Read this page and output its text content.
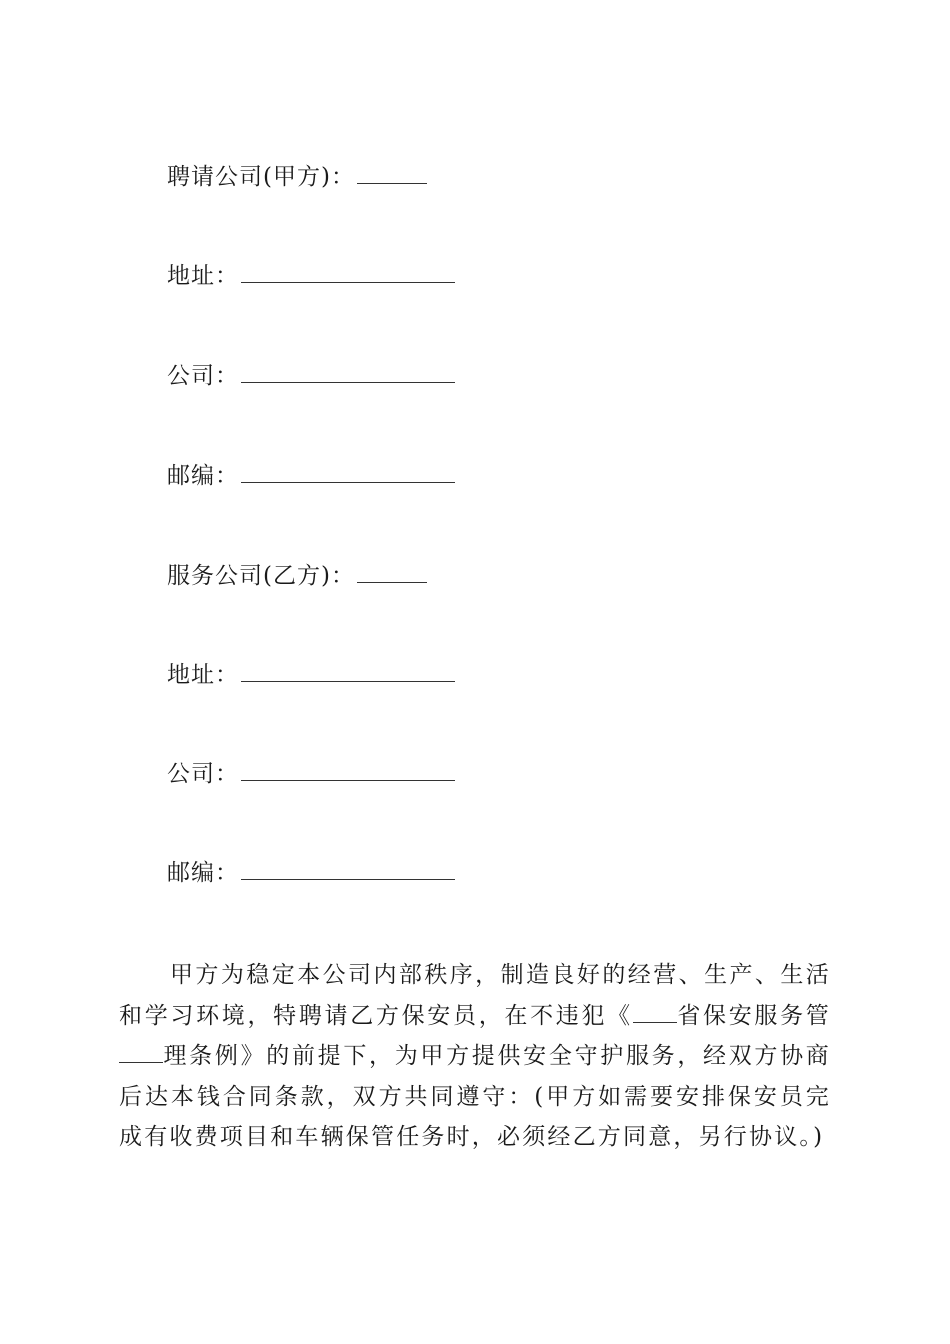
聘请公司(甲方)：
地址：
公司：
邮编：
服务公司(乙方)：
地址：
公司：
邮编：

甲方为稳定本公司内部秩序，制造良好的经营、生产、生活和学习环境，特聘请乙方保安员，在不违犯《 省保安服务管理条例》的前提下，为甲方提供安全守护服务，经双方协商后达本钱合同条款，双方共同遵守：(甲方如需要安排保安员完成有收费项目和车辆保管任务时，必须经乙方同意，另行协议。)
